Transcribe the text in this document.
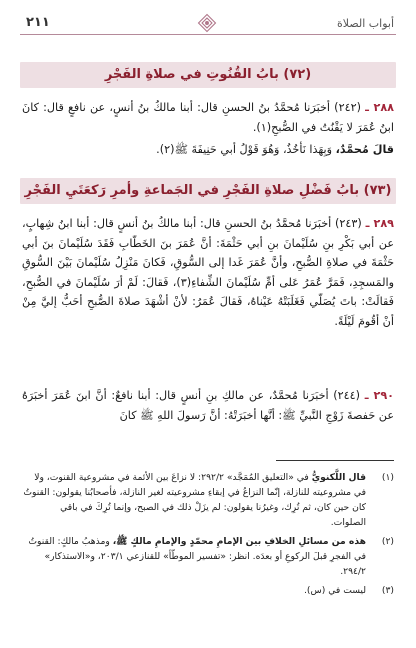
أبواب الصلاة
٢١١
(٧٢) بابُ القُنُوتِ في صلاةِ الفَجْرِ

٢٨٨ ـ (٢٤٢) أخبَرَنا مُحمَّدُ بنُ الحسنِ قال: أبنا مالكُ بنُ أنسٍ، عن نافعٍ قال: كانَ ابنُ عُمَرَ لا يَقْنُتُ في الصُّبحِ(١).

قالَ مُحمَّدٌ، وَبِهَذا نَأخُذُ، وَهُوَ قَوْلُ أبي حَنِيفَةَ ﷺ(٢).

(٧٣) بابُ فَضْلِ صلاةِ الفَجْرِ في الجَماعةِ وأمرِ رَكعَتَيِ الفَجْرِ

٢٨٩ ـ (٢٤٣) أخبَرَنا مُحمَّدُ بنُ الحسنِ قال: أبنا مالكُ بنُ أنسٍ قال: أبنا ابنُ شِهابٍ، عن أبي بَكْرِ بنِ سُلَيْمانَ بنِ أبي حَثْمَةَ: أنَّ عُمَرَ بنَ الخَطّابِ فَقَدَ سُلَيْمانَ بنَ أبي حَثْمَةَ في صلاةِ الصُّبحِ، وأنَّ عُمَرَ غَدا إلى السُّوقِ، فَكانَ مَنْزِلُ سُلَيْمانَ بَيْنَ السُّوقِ والمَسجِدِ، فَمَرَّ عُمَرُ عَلى أمِّ سُلَيْمانَ الشِّفاءِ(٣)، فَقالَ: لَمْ أرَ سُلَيْمانَ في الصُّبحِ، فَقالَتْ: باتَ يُصَلّي فَغَلَبَتْهُ عَيْناهُ، فَقالَ عُمَرُ: لأنْ أشْهَدَ صلاةَ الصُّبحِ أحَبُّ إليَّ مِنْ أنْ أقُومَ لَيْلَةً.

٢٩٠ ـ (٢٤٤) أخبَرَنا مُحمَّدٌ، عن مالكِ بنِ أنسٍ قال: أبنا نافعٌ: أنَّ ابنَ عُمَرَ أخبَرَهُ عن حَفصةَ زَوْجِ النَّبيِّ ﷺ: أنَّها أخبَرَتْهُ: أنَّ رَسولَ اللهِ ﷺ كانَ

(١)
قال اللَّكنويُّ في «التعليق المُمَجَّد» ٢٩٢/٢: لا نزاعَ بين الأئمة في مشروعية القنوت، ولا في مشروعيته للنازلة، إنّما النزاعُ في إبقاءِ مشروعيته لغير النازلة، فأصحابُنا يقولون: القنوتُ كان حين كان، ثم تُرِك، وغيرُنا يقولون: لم يزَلْ ذلك في الصبح، وإنما تُرِكَ في باقي الصلوات.
(٢)
هذه من مسائلِ الخلافِ بين الإمامِ محمّدٍ والإمامِ مالكٍ ﷺ، ومذهبُ مالكٍ: القنوتُ في الفجرِ قبلَ الركوعِ أو بعدَه. انظر: «تفسير الموطّأ» للقنازعي ٢٠٣/١، و«الاستذكار» ٢٩٤/٢.
(٣)
ليست في (س).
